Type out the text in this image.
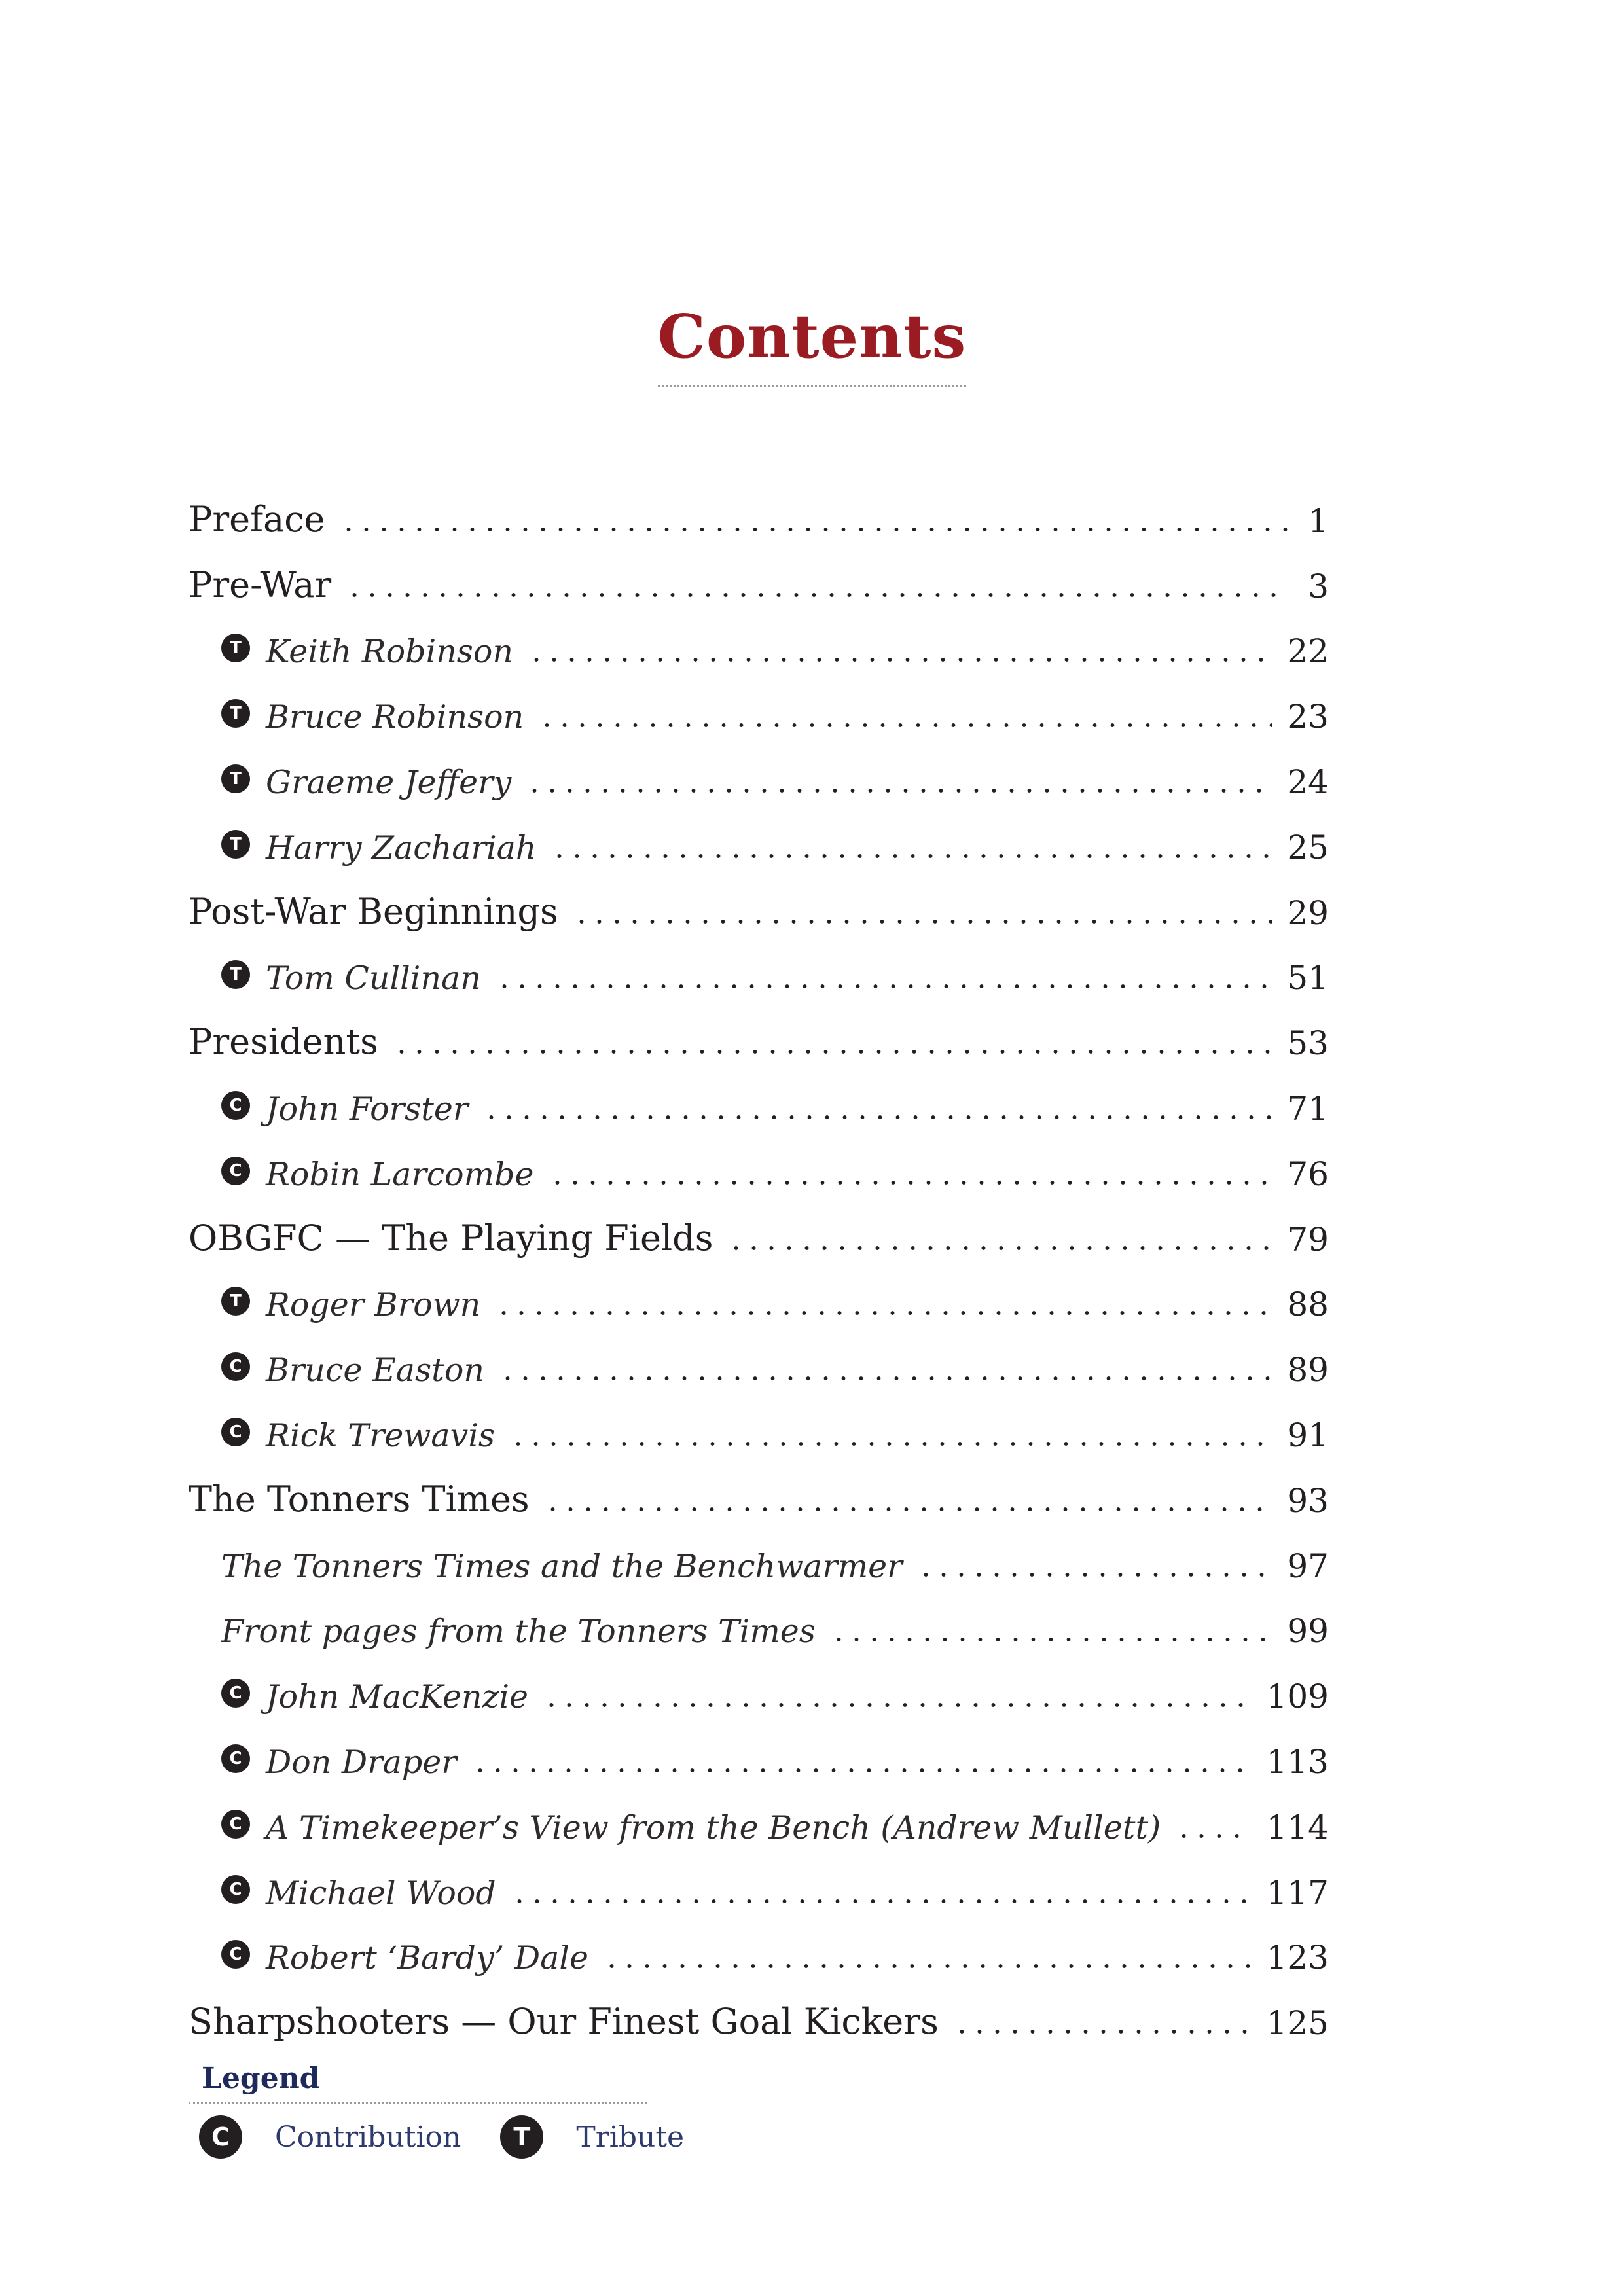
Contents
Preface	1
Pre-War	3
T Keith Robinson	22
T Bruce Robinson	23
T Graeme Jeffery	24
T Harry Zachariah	25
Post-War Beginnings	29
T Tom Cullinan	51
Presidents	53
C John Forster	71
C Robin Larcombe	76
OBGFC — The Playing Fields	79
T Roger Brown	88
C Bruce Easton	89
C Rick Trewavis	91
The Tonners Times	93
The Tonners Times and the Benchwarmer	97
Front pages from the Tonners Times	99
C John MacKenzie	109
C Don Draper	113
C A Timekeeper’s View from the Bench (Andrew Mullett)	114
C Michael Wood	117
C Robert ‘Bardy’ Dale	123
Sharpshooters — Our Finest Goal Kickers	125
Legend
C	Contribution	T	Tribute
